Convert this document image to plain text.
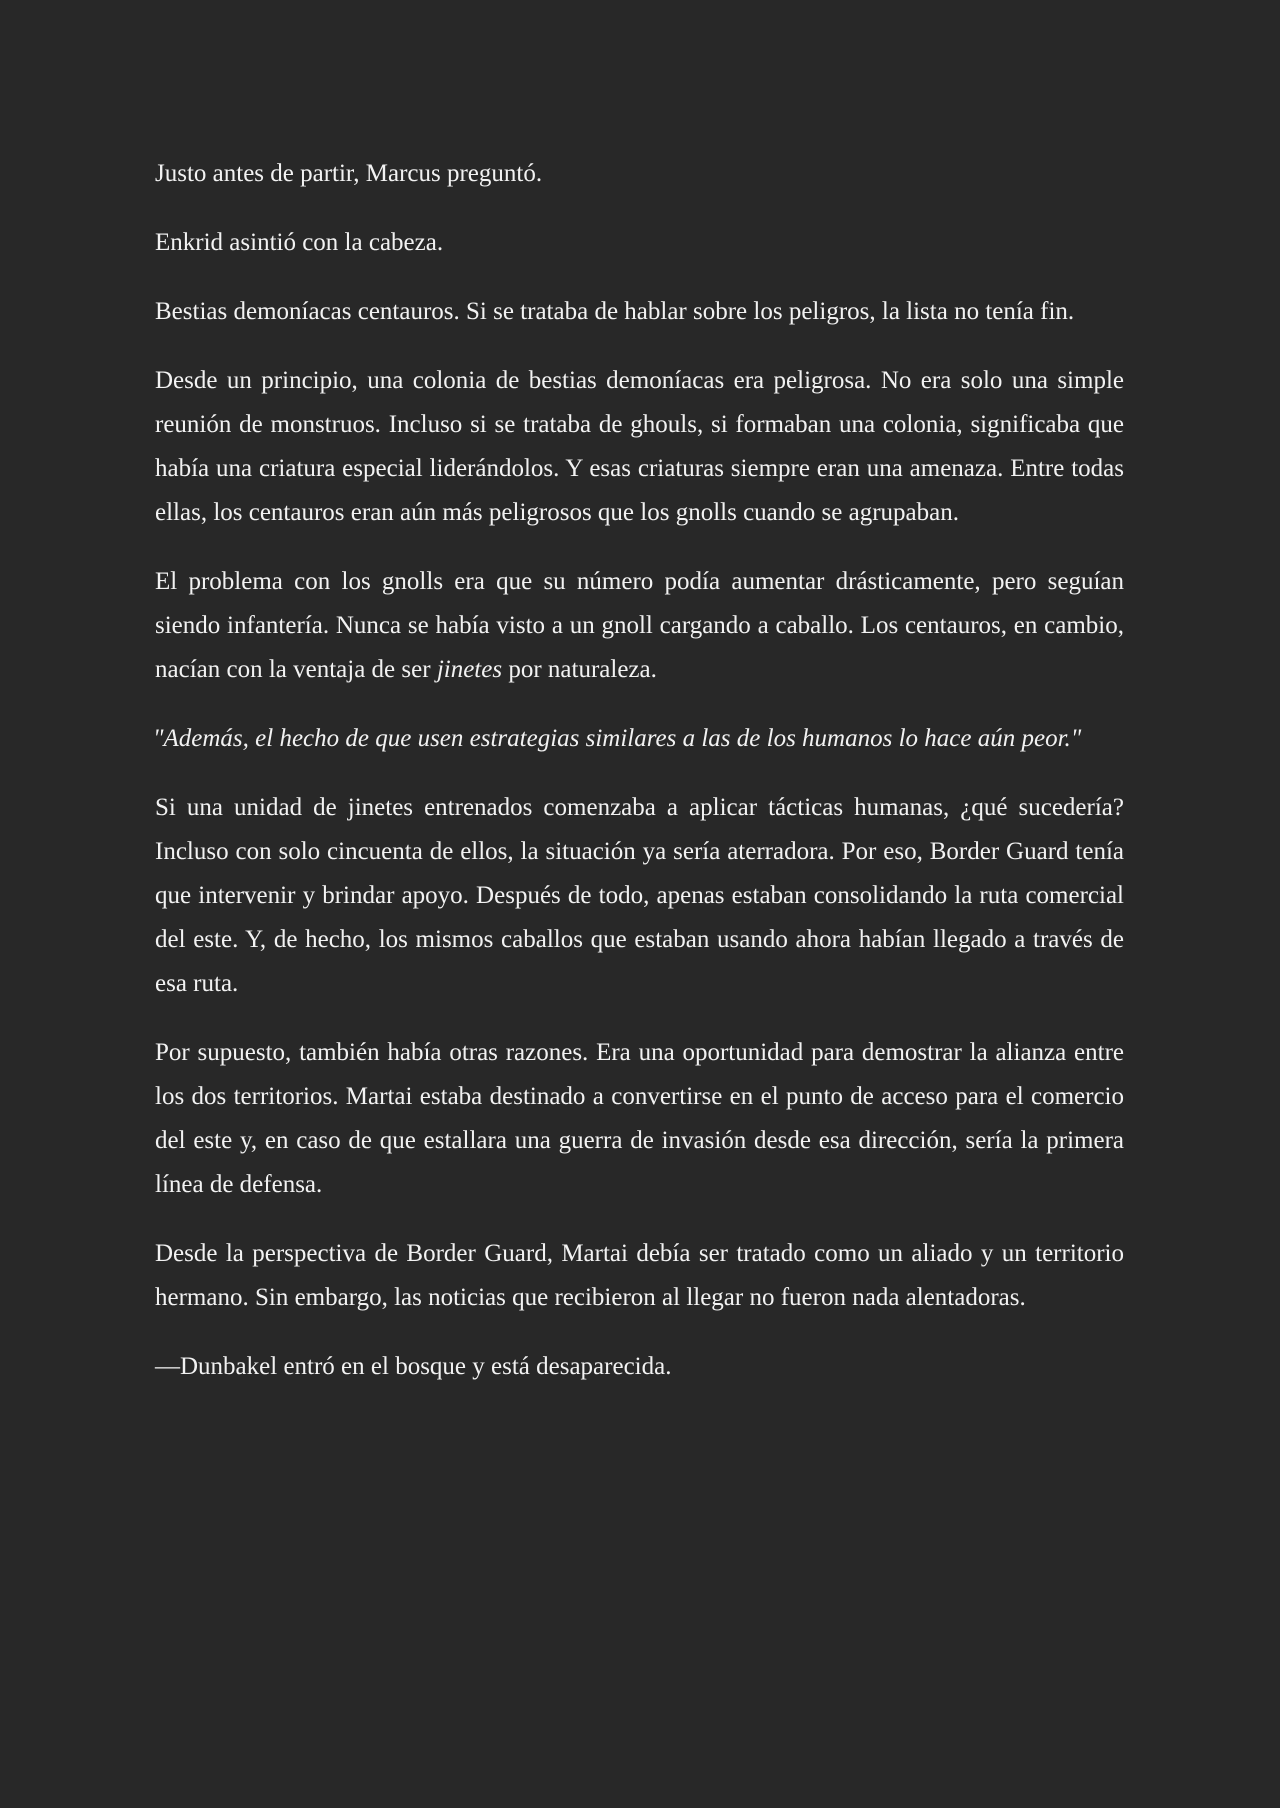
Justo antes de partir, Marcus preguntó.

Enkrid asintió con la cabeza.

Bestias demoníacas centauros. Si se trataba de hablar sobre los peligros, la lista no tenía fin.

Desde un principio, una colonia de bestias demoníacas era peligrosa. No era solo una simple reunión de monstruos. Incluso si se trataba de ghouls, si formaban una colonia, significaba que había una criatura especial liderándolos. Y esas criaturas siempre eran una amenaza. Entre todas ellas, los centauros eran aún más peligrosos que los gnolls cuando se agrupaban.

El problema con los gnolls era que su número podía aumentar drásticamente, pero seguían siendo infantería. Nunca se había visto a un gnoll cargando a caballo. Los centauros, en cambio, nacían con la ventaja de ser jinetes por naturaleza.

"Además, el hecho de que usen estrategias similares a las de los humanos lo hace aún peor."

Si una unidad de jinetes entrenados comenzaba a aplicar tácticas humanas, ¿qué sucedería? Incluso con solo cincuenta de ellos, la situación ya sería aterradora. Por eso, Border Guard tenía que intervenir y brindar apoyo. Después de todo, apenas estaban consolidando la ruta comercial del este. Y, de hecho, los mismos caballos que estaban usando ahora habían llegado a través de esa ruta.

Por supuesto, también había otras razones. Era una oportunidad para demostrar la alianza entre los dos territorios. Martai estaba destinado a convertirse en el punto de acceso para el comercio del este y, en caso de que estallara una guerra de invasión desde esa dirección, sería la primera línea de defensa.

Desde la perspectiva de Border Guard, Martai debía ser tratado como un aliado y un territorio hermano. Sin embargo, las noticias que recibieron al llegar no fueron nada alentadoras.

—Dunbakel entró en el bosque y está desaparecida.
